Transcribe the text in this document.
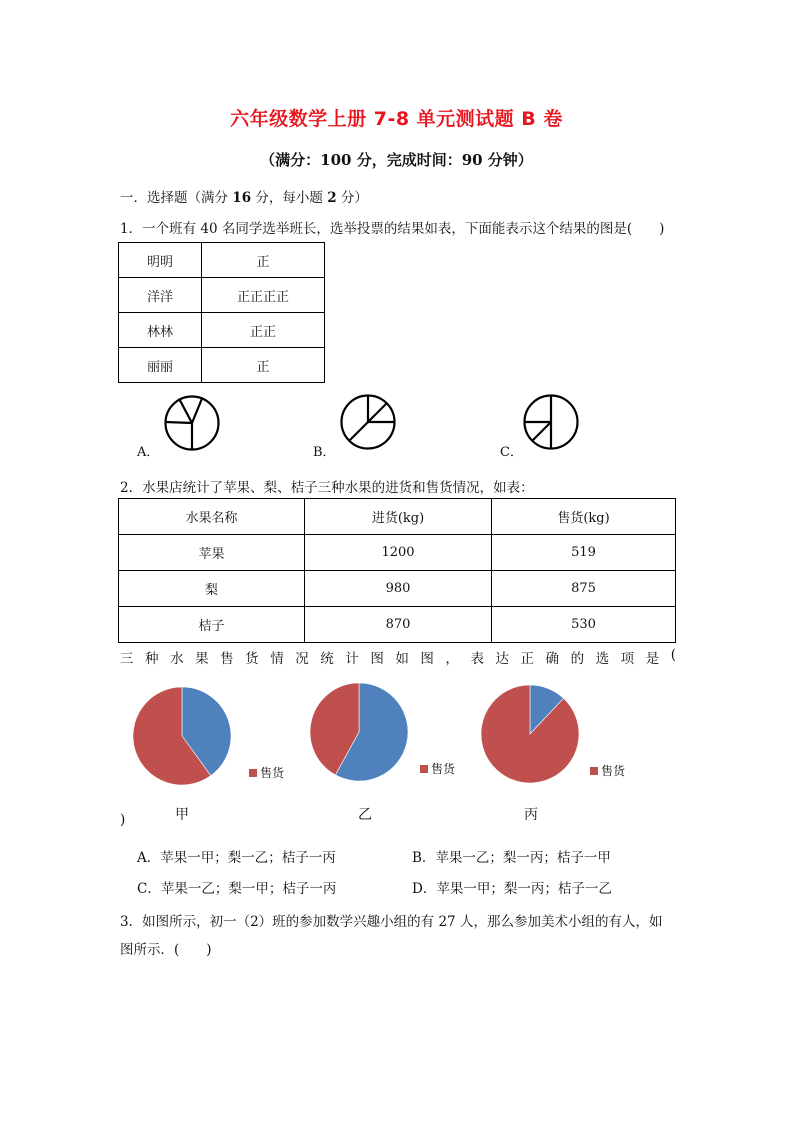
六年级数学上册 7-8 单元测试题 B 卷
（满分：100 分，完成时间：90 分钟）
一．选择题（满分 16 分，每小题 2 分）
1．一个班有 40 名同学选举班长，选举投票的结果如表，下面能表示这个结果的图是(　　)
明明	正
洋洋	正正正正
林林	正正
丽丽	正
A．	B．	C．
2．水果店统计了苹果、梨、桔子三种水果的进货和售货情况，如表：
水果名称	进货(kg)	售货(kg)
苹果	1200	519
梨	980	875
桔子	870	530
三 种 水 果 售 货 情 况 统 计 图 如 图 ， 表 达 正 确 的 选 项 是 (
售货
甲
售货
乙
售货
丙
)
A．苹果一甲；梨一乙；桔子一丙	B．苹果一乙；梨一丙；桔子一甲
C．苹果一乙；梨一甲；桔子一丙	D．苹果一甲；梨一丙；桔子一乙
3．如图所示，初一（2）班的参加数学兴趣小组的有 27 人，那么参加美术小组的有人，如
图所示．(　　)
